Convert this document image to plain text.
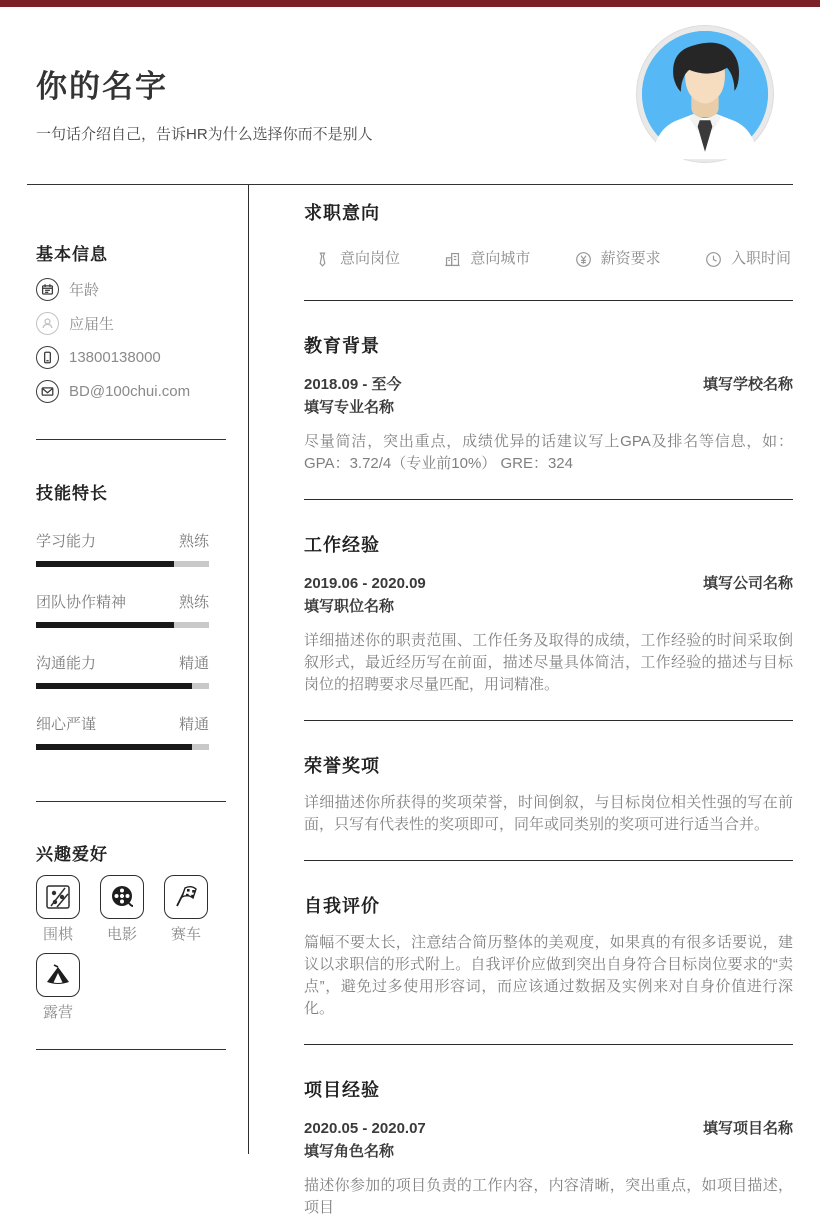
你的名字
一句话介绍自己，告诉HR为什么选择你而不是别人
基本信息
年龄
应届生
13800138000
BD@100chui.com
技能特长
学习能力	熟练
团队协作精神	熟练
沟通能力	精通
细心严谨	精通
兴趣爱好
围棋 电影 赛车
露营
求职意向
意向岗位	意向城市	薪资要求	入职时间
教育背景
2018.09 - 至今	填写学校名称
填写专业名称
尽量简洁，突出重点，成绩优异的话建议写上GPA及排名等信息，如：GPA：3.72/4（专业前10%） GRE：324
工作经验
2019.06 - 2020.09	填写公司名称
填写职位名称
详细描述你的职责范围、工作任务及取得的成绩，工作经验的时间采取倒叙形式，最近经历写在前面，描述尽量具体简洁，工作经验的描述与目标岗位的招聘要求尽量匹配，用词精准。
荣誉奖项
详细描述你所获得的奖项荣誉，时间倒叙，与目标岗位相关性强的写在前面，只写有代表性的奖项即可，同年或同类别的奖项可进行适当合并。
自我评价
篇幅不要太长，注意结合简历整体的美观度，如果真的有很多话要说，建议以求职信的形式附上。自我评价应做到突出自身符合目标岗位要求的“卖点”，避免过多使用形容词，而应该通过数据及实例来对自身价值进行深化。
项目经验
2020.05 - 2020.07	填写项目名称
填写角色名称
描述你参加的项目负责的工作内容，内容清晰，突出重点，如项目描述，项目
